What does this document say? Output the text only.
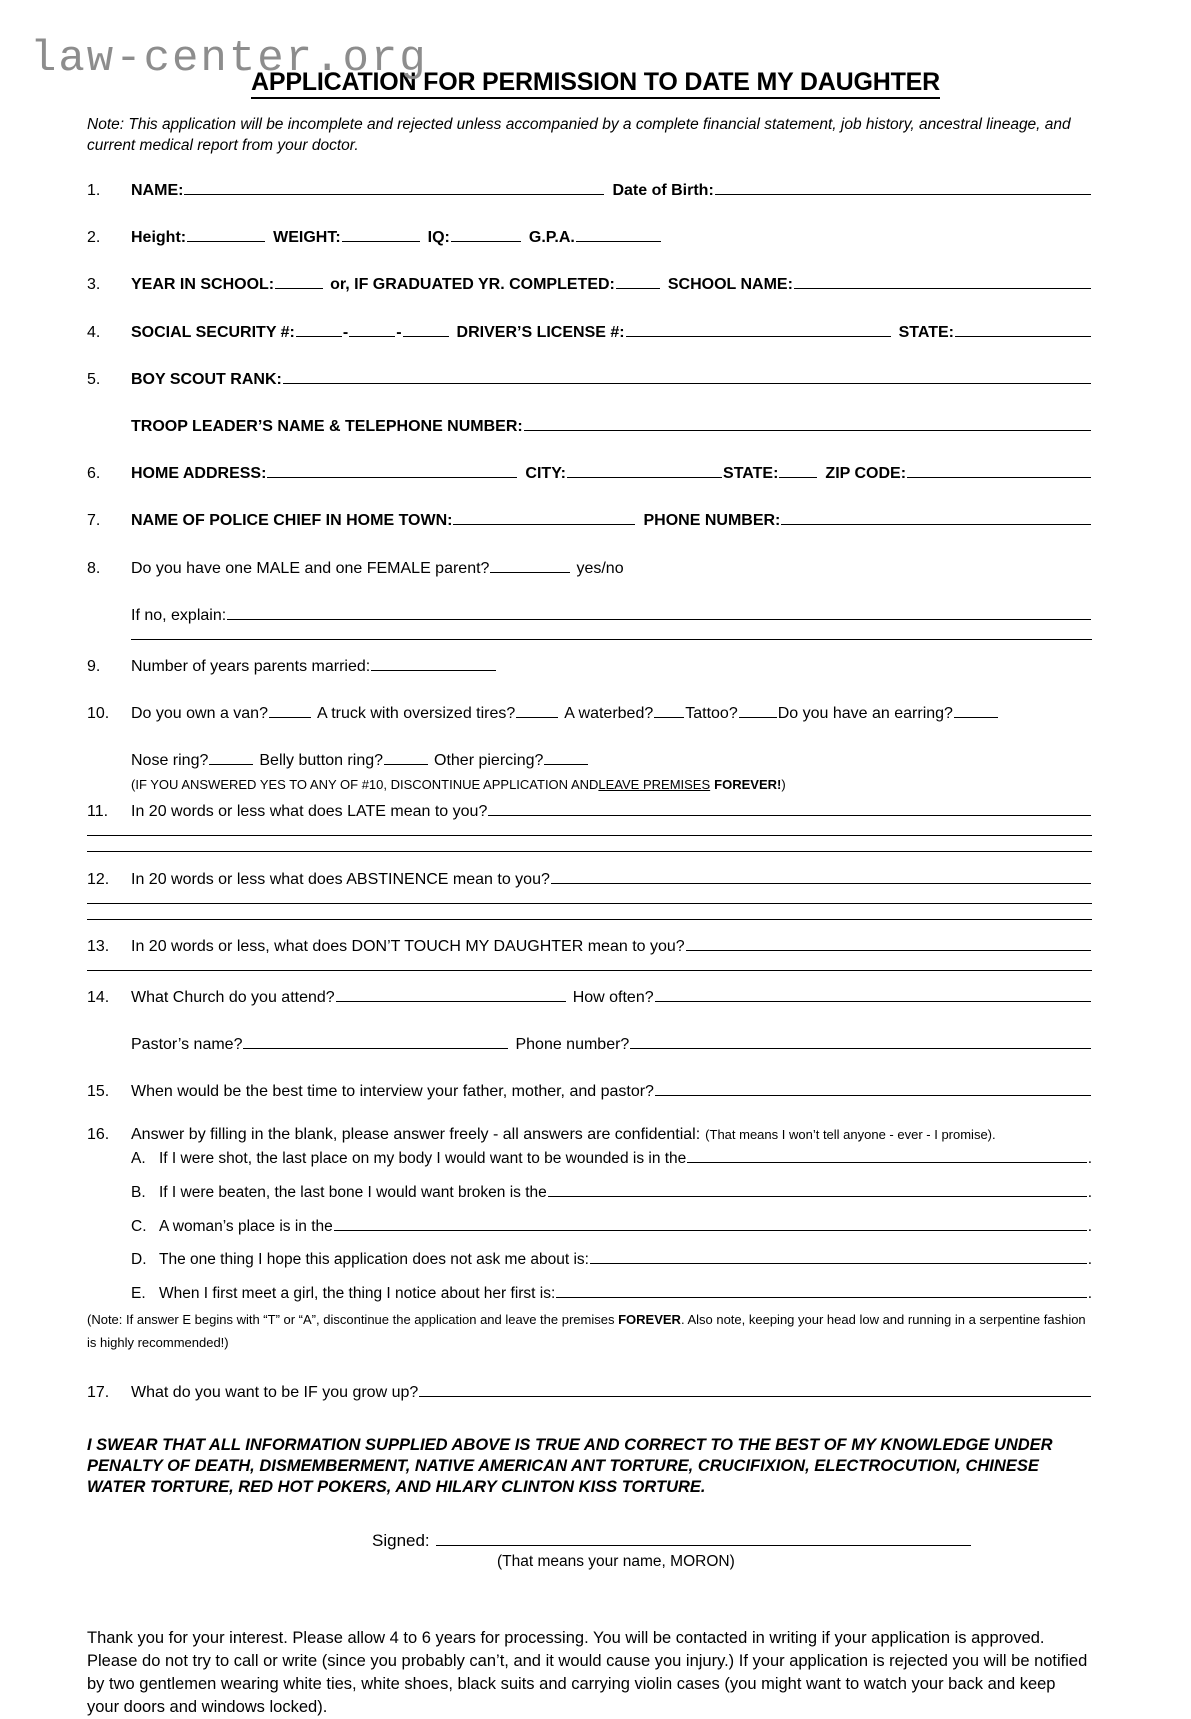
law-center.org
APPLICATION FOR PERMISSION TO DATE MY DAUGHTER
Note: This application will be incomplete and rejected unless accompanied by a complete financial statement, job history, ancestral lineage, and current medical report from your doctor.
1.	NAME:	Date of Birth:
2.	Height:	WEIGHT:	IQ:	G.P.A.
3.	YEAR IN SCHOOL:	or, IF GRADUATED YR. COMPLETED:	SCHOOL NAME:
4.	SOCIAL SECURITY #:	-	-	DRIVER’S LICENSE #:	STATE:
5.	BOY SCOUT RANK:
TROOP LEADER’S NAME & TELEPHONE NUMBER:
6.	HOME ADDRESS:	CITY:	STATE:	ZIP CODE:
7.	NAME OF POLICE CHIEF IN HOME TOWN:	PHONE NUMBER:
8.	Do you have one MALE and one FEMALE parent?	yes/no
If no, explain:
9.	Number of years parents married:
10.	Do you own a van?	A truck with oversized tires?	A waterbed? Tattoo?	Do you have an earring?
Nose ring?	Belly button ring?	Other piercing?
(IF YOU ANSWERED YES TO ANY OF #10, DISCONTINUE APPLICATION AND LEAVE PREMISES FOREVER! )
11.	In 20 words or less what does LATE mean to you?
12.	In 20 words or less what does ABSTINENCE mean to you?
13.	In 20 words or less, what does DON’T TOUCH MY DAUGHTER mean to you?
14.	What Church do you attend?	How often?
Pastor’s name?	Phone number?
15.	When would be the best time to interview your father, mother, and pastor?
16.	Answer by filling in the blank, please answer freely - all answers are confidential: (That means I won’t tell anyone - ever - I promise).
A. If I were shot, the last place on my body I would want to be wounded is in the	.
B. If I were beaten, the last bone I would want broken is the	.
C. A woman’s place is in the	.
D. The one thing I hope this application does not ask me about is:	.
E. When I first meet a girl, the thing I notice about her first is:	.
(Note: If answer E begins with “T” or “A”, discontinue the application and leave the premises FOREVER. Also note, keeping your head low and running in a serpentine fashion is highly recommended!)
17.	What do you want to be IF you grow up?
I SWEAR THAT ALL INFORMATION SUPPLIED ABOVE IS TRUE AND CORRECT TO THE BEST OF MY KNOWLEDGE UNDER PENALTY OF DEATH, DISMEMBERMENT, NATIVE AMERICAN ANT TORTURE, CRUCIFIXION, ELECTROCUTION, CHINESE WATER TORTURE, RED HOT POKERS, AND HILARY CLINTON KISS TORTURE.
Signed:
(That means your name, MORON)
Thank you for your interest. Please allow 4 to 6 years for processing. You will be contacted in writing if your application is approved. Please do not try to call or write (since you probably can’t, and it would cause you injury.) If your application is rejected you will be notified by two gentlemen wearing white ties, white shoes, black suits and carrying violin cases (you might want to watch your back and keep your doors and windows locked).
